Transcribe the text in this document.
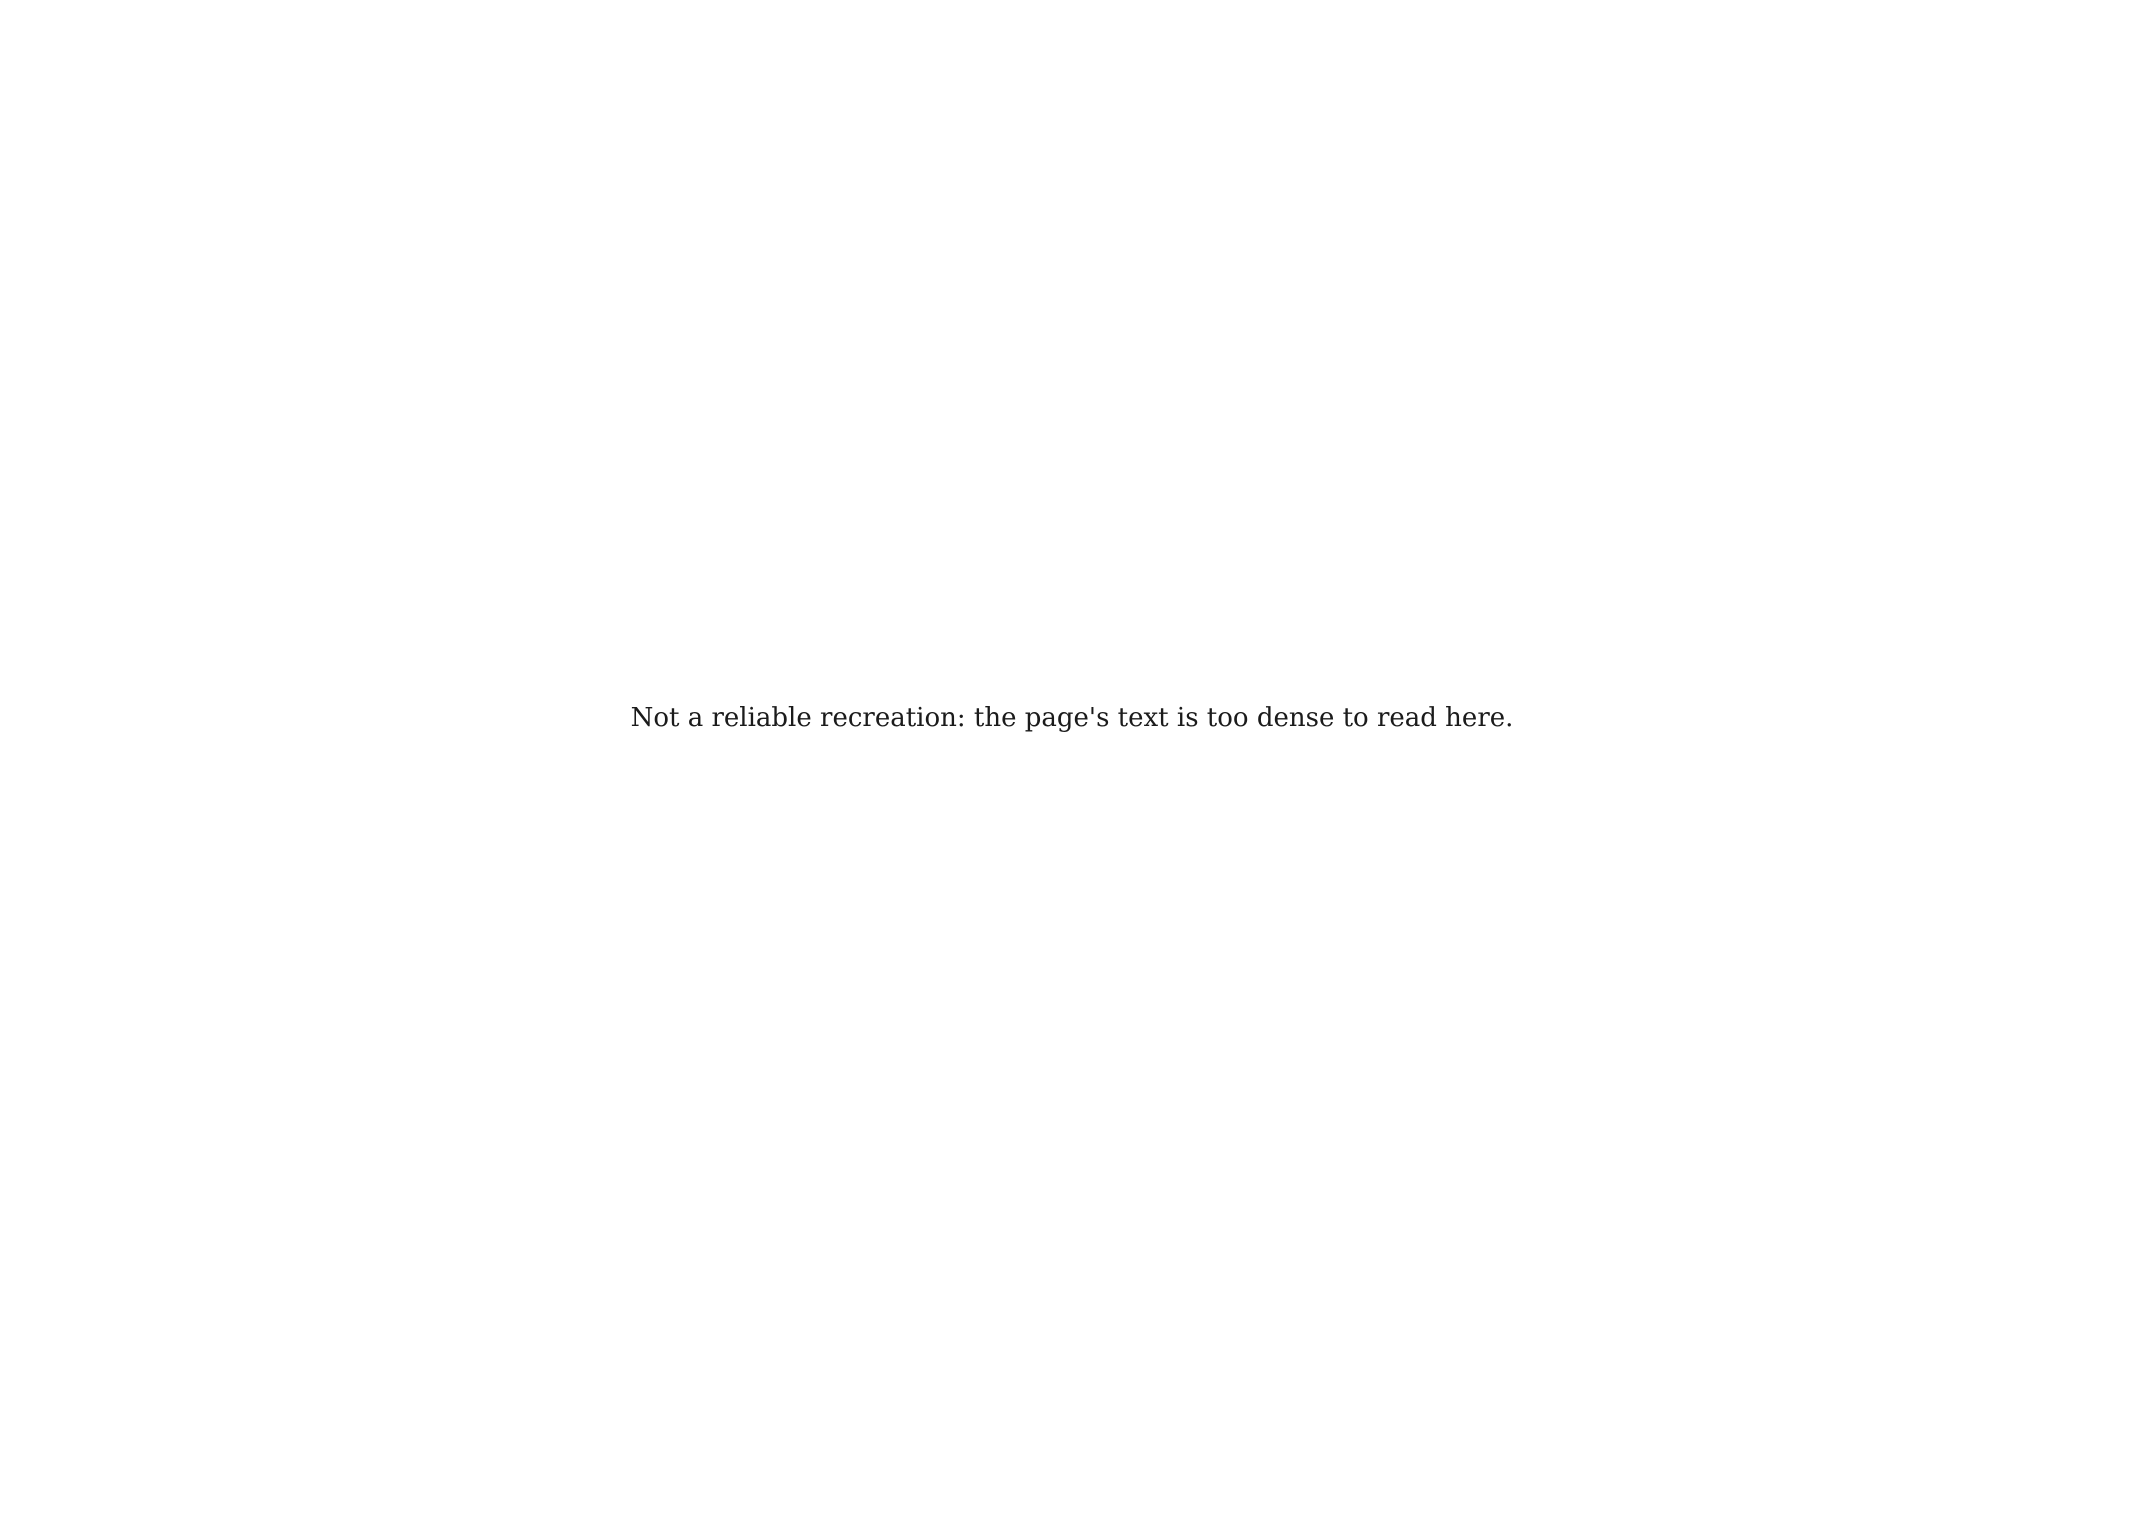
Not a reliable recreation: the page's text is too dense to read here.
